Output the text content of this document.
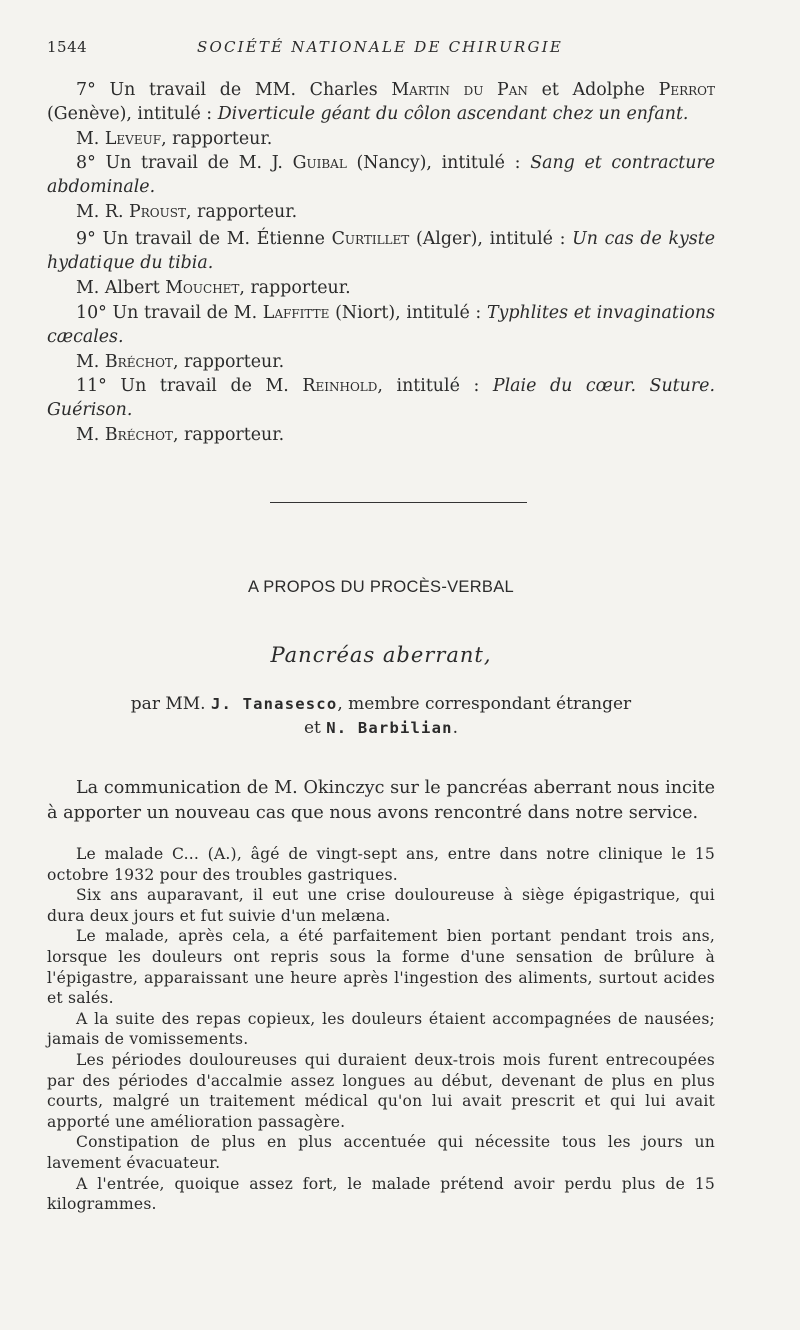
1544	SOCIÉTÉ NATIONALE DE CHIRURGIE

7° Un travail de MM. Charles Martin du Pan et Adolphe Perrot (Genève), intitulé : Diverticule géant du côlon ascendant chez un enfant.

M. Leveuf, rapporteur.

8° Un travail de M. J. Guibal (Nancy), intitulé : Sang et contracture abdominale.

M. R. Proust, rapporteur.

9° Un travail de M. Étienne Curtillet (Alger), intitulé : Un cas de kyste hydatique du tibia.

M. Albert Mouchet, rapporteur.

10° Un travail de M. Laffitte (Niort), intitulé : Typhlites et invaginations cæcales.

M. Bréchot, rapporteur.

11° Un travail de M. Reinhold, intitulé : Plaie du cœur. Suture. Guérison.

M. Bréchot, rapporteur.

A PROPOS DU PROCÈS-VERBAL
Pancréas aberrant,
par MM. J. Tanasesco, membre correspondant étranger
et N. Barbilian.

La communication de M. Okinczyc sur le pancréas aberrant nous incite à apporter un nouveau cas que nous avons rencontré dans notre service.

Le malade C... (A.), âgé de vingt-sept ans, entre dans notre clinique le 15 octobre 1932 pour des troubles gastriques.

Six ans auparavant, il eut une crise douloureuse à siège épigastrique, qui dura deux jours et fut suivie d'un melæna.

Le malade, après cela, a été parfaitement bien portant pendant trois ans, lorsque les douleurs ont repris sous la forme d'une sensation de brûlure à l'épigastre, apparaissant une heure après l'ingestion des aliments, surtout acides et salés.

A la suite des repas copieux, les douleurs étaient accompagnées de nausées; jamais de vomissements.

Les périodes douloureuses qui duraient deux-trois mois furent entrecoupées par des périodes d'accalmie assez longues au début, devenant de plus en plus courts, malgré un traitement médical qu'on lui avait prescrit et qui lui avait apporté une amélioration passagère.

Constipation de plus en plus accentuée qui nécessite tous les jours un lavement évacuateur.

A l'entrée, quoique assez fort, le malade prétend avoir perdu plus de 15 kilogrammes.
